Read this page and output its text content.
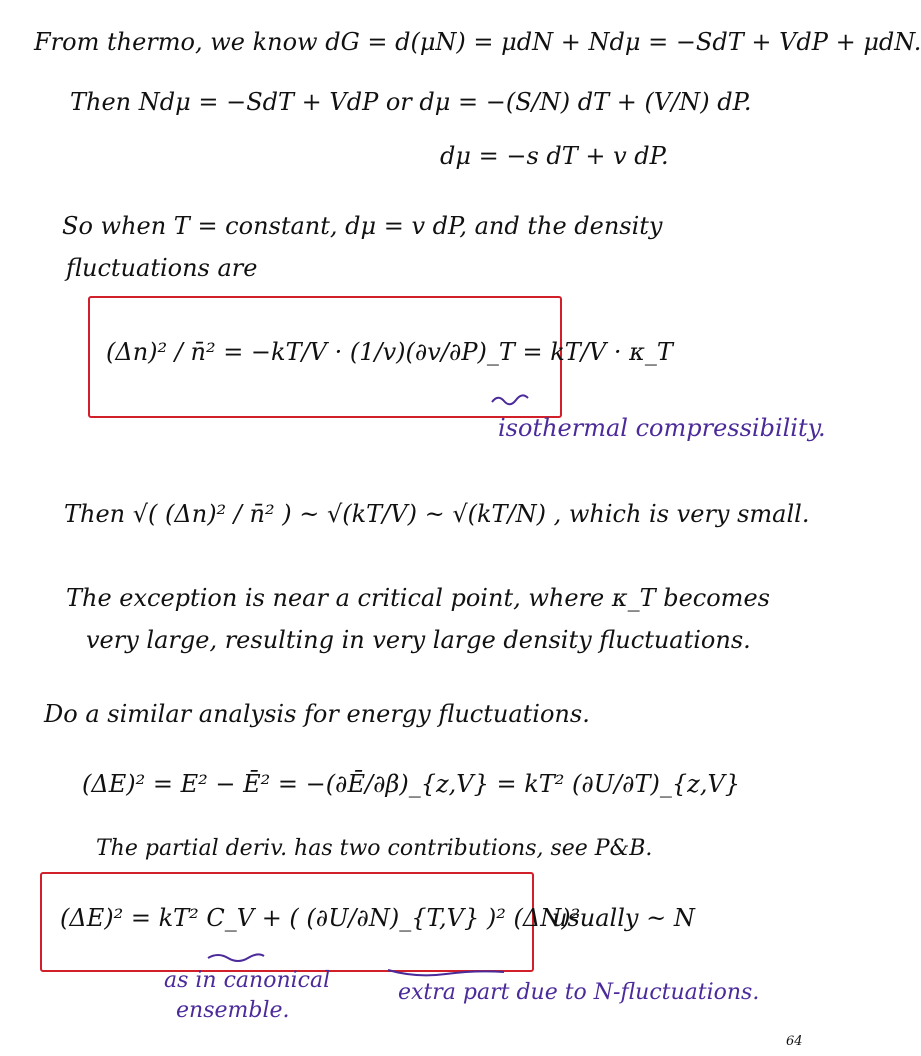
From thermo, we know dG = d(μN) = μdN + Ndμ = −SdT + VdP + μdN.
Then Ndμ = −SdT + VdP or dμ = −(S/N) dT + (V/N) dP.
dμ = −s dT + v dP.
So when T = constant, dμ = v dP, and the density
fluctuations are
(Δn)² / n̄² = −kT/V · (1/v)(∂v/∂P)_T = kT/V · κ_T
isothermal compressibility.
Then √( (Δn)² / n̄² ) ~ √(kT/V) ~ √(kT/N) , which is very small.
The exception is near a critical point, where κ_T becomes
very large, resulting in very large density fluctuations.
Do a similar analysis for energy fluctuations.
(ΔE)² = E² − Ē² = −(∂Ē/∂β)_{z,V} = kT² (∂U/∂T)_{z,V}
The partial deriv. has two contributions, see P&B.
(ΔE)² = kT² C_V + ( (∂U/∂N)_{T,V} )² (ΔN)²
usually ~ N
as in canonical
ensemble.
extra part due to N-fluctuations.
64
